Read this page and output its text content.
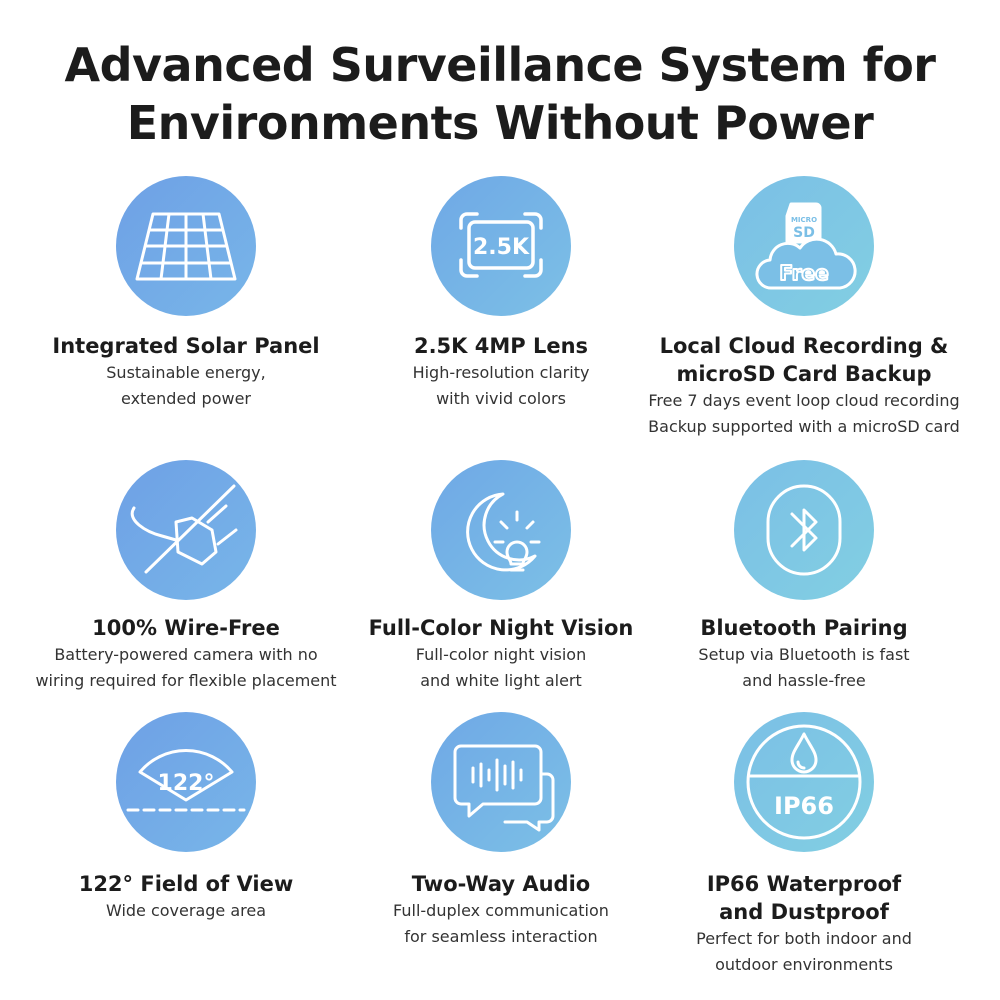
Advanced Surveillance System for
Environments Without Power
Integrated Solar Panel
Sustainable energy,
extended power
2.5K
2.5K 4MP Lens
High-resolution clarity
with vivid colors
MICRO
SD
Free
Local Cloud Recording &
microSD Card Backup
Free 7 days event loop cloud recording
Backup supported with a microSD card
100% Wire-Free
Battery-powered camera with no
wiring required for flexible placement
Full-Color Night Vision
Full-color night vision
and white light alert
Bluetooth Pairing
Setup via Bluetooth is fast
and hassle-free
122°
122° Field of View
Wide coverage area
Two-Way Audio
Full-duplex communication
for seamless interaction
IP66
IP66 Waterproof
and Dustproof
Perfect for both indoor and
outdoor environments
